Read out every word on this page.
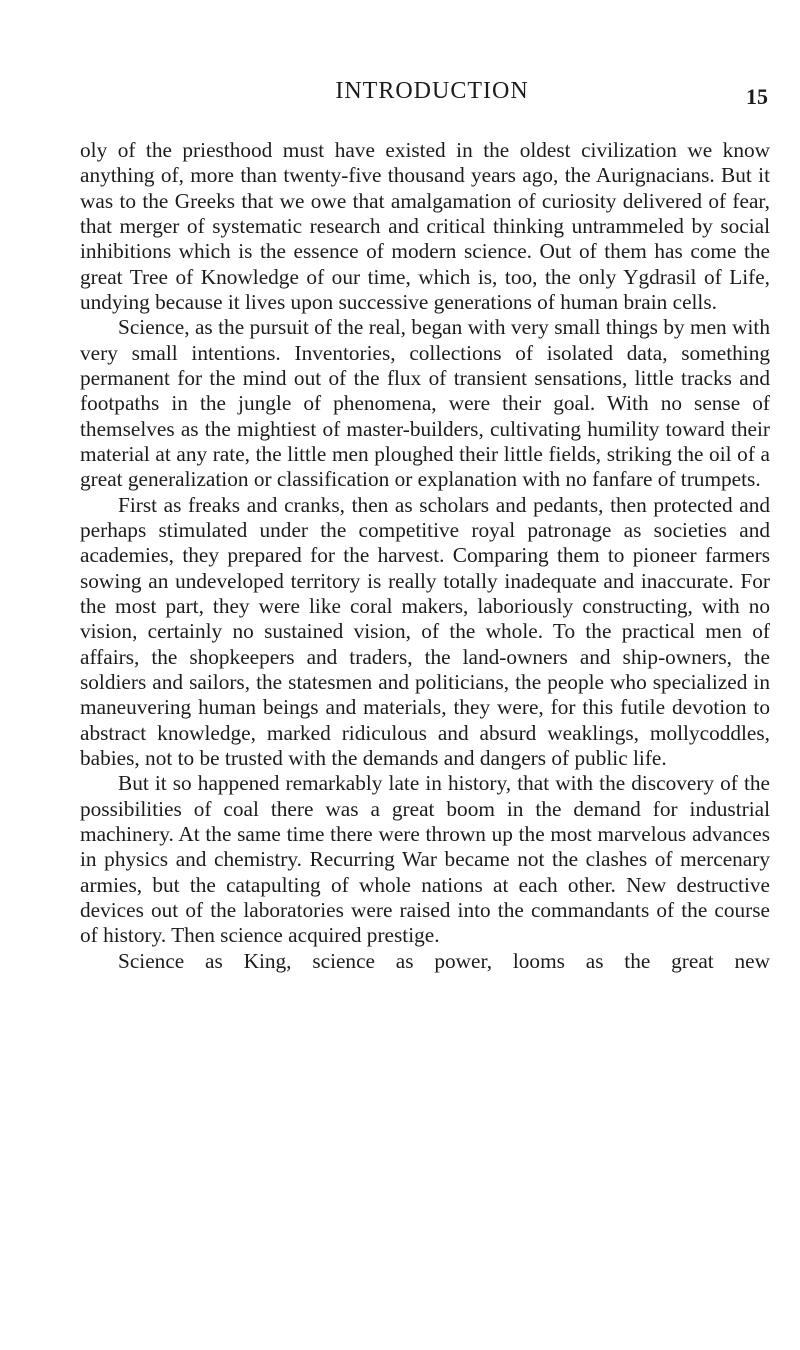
INTRODUCTION	15

oly of the priesthood must have existed in the oldest civilization we know anything of, more than twenty-five thousand years ago, the Aurignacians. But it was to the Greeks that we owe that amalgamation of curiosity delivered of fear, that merger of systematic research and critical thinking untrammeled by social inhibitions which is the essence of modern science. Out of them has come the great Tree of Knowledge of our time, which is, too, the only Ygdrasil of Life, undying because it lives upon successive generations of human brain cells.

Science, as the pursuit of the real, began with very small things by men with very small intentions. Inventories, collections of isolated data, something permanent for the mind out of the flux of transient sensations, little tracks and footpaths in the jungle of phenomena, were their goal. With no sense of themselves as the mightiest of master-builders, cultivating humility toward their material at any rate, the little men ploughed their little fields, striking the oil of a great generalization or classification or explanation with no fanfare of trumpets.

First as freaks and cranks, then as scholars and pedants, then protected and perhaps stimulated under the competitive royal patronage as societies and academies, they prepared for the harvest. Comparing them to pioneer farmers sowing an undeveloped territory is really totally inadequate and inaccurate. For the most part, they were like coral makers, laboriously constructing, with no vision, certainly no sustained vision, of the whole. To the practical men of affairs, the shopkeepers and traders, the land-owners and ship-owners, the soldiers and sailors, the statesmen and politicians, the people who specialized in maneuvering human beings and materials, they were, for this futile devotion to abstract knowledge, marked ridiculous and absurd weaklings, mollycoddles, babies, not to be trusted with the demands and dangers of public life.

But it so happened remarkably late in history, that with the discovery of the possibilities of coal there was a great boom in the demand for industrial machinery. At the same time there were thrown up the most marvelous advances in physics and chemistry. Recurring War became not the clashes of mercenary armies, but the catapulting of whole nations at each other. New destructive devices out of the laboratories were raised into the commandants of the course of history. Then science acquired prestige.

Science as King, science as power, looms as the great new
